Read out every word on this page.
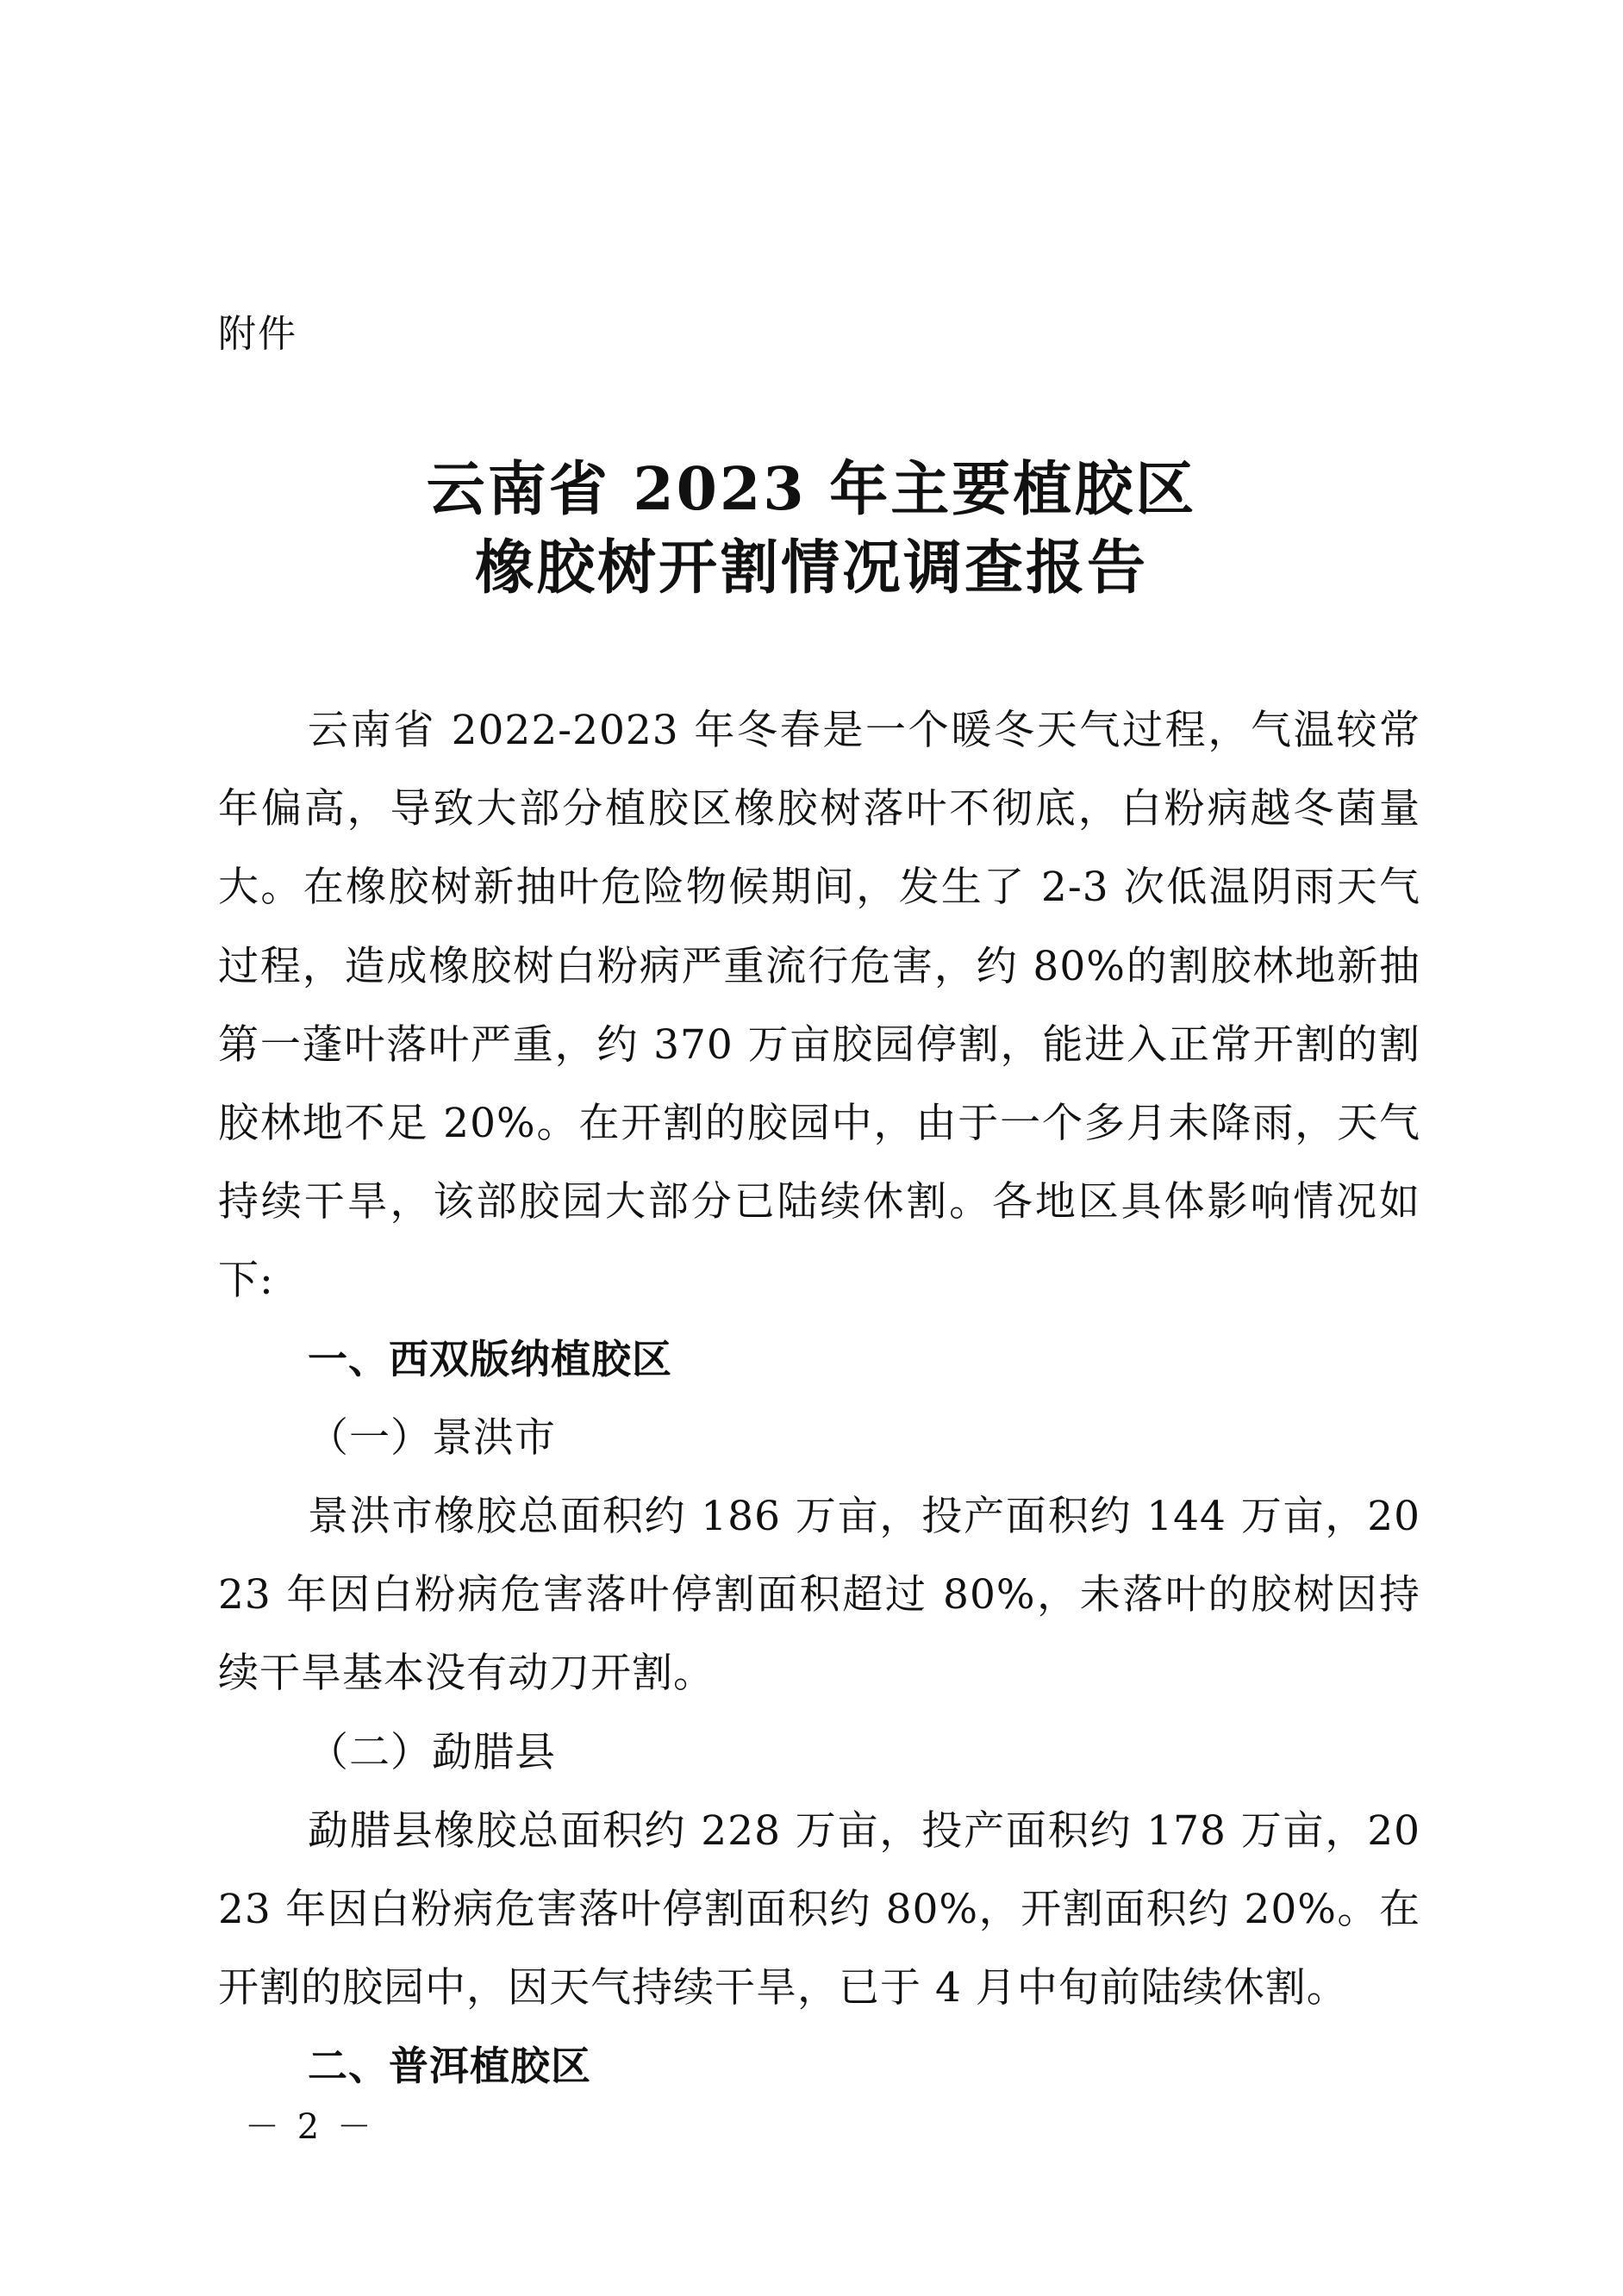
附件
云南省 2023 年主要植胶区
橡胶树开割情况调查报告

云南省 2022-2023 年冬春是一个暖冬天气过程，气温较常年偏高，导致大部分植胶区橡胶树落叶不彻底，白粉病越冬菌量大。在橡胶树新抽叶危险物候期间，发生了 2-3 次低温阴雨天气过程，造成橡胶树白粉病严重流行危害，约 80%的割胶林地新抽第一蓬叶落叶严重，约 370 万亩胶园停割，能进入正常开割的割胶林地不足 20%。在开割的胶园中，由于一个多月未降雨，天气持续干旱，该部胶园大部分已陆续休割。各地区具体影响情况如下:

一、西双版纳植胶区

（一）景洪市

景洪市橡胶总面积约 186 万亩，投产面积约 144 万亩，2023 年因白粉病危害落叶停割面积超过 80%，未落叶的胶树因持续干旱基本没有动刀开割。

（二）勐腊县

勐腊县橡胶总面积约 228 万亩，投产面积约 178 万亩，2023 年因白粉病危害落叶停割面积约 80%，开割面积约 20%。在开割的胶园中，因天气持续干旱，已于 4 月中旬前陆续休割。

二、普洱植胶区

－ 2 －
